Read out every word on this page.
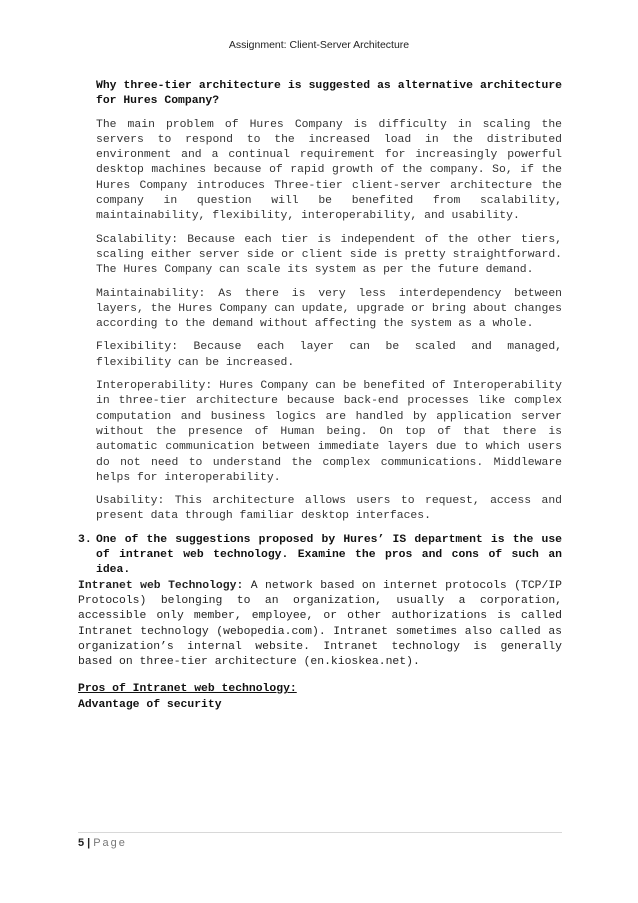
Assignment: Client-Server Architecture

Why three-tier architecture is suggested as alternative architecture for Hures Company?

The main problem of Hures Company is difficulty in scaling the servers to respond to the increased load in the distributed environment and a continual requirement for increasingly powerful desktop machines because of rapid growth of the company. So, if the Hures Company introduces Three-tier client-server architecture the company in question will be benefited from scalability, maintainability, flexibility, interoperability, and usability.

Scalability: Because each tier is independent of the other tiers, scaling either server side or client side is pretty straightforward. The Hures Company can scale its system as per the future demand.

Maintainability: As there is very less interdependency between layers, the Hures Company can update, upgrade or bring about changes according to the demand without affecting the system as a whole.

Flexibility: Because each layer can be scaled and managed, flexibility can be increased.

Interoperability: Hures Company can be benefited of Interoperability in three-tier architecture because back-end processes like complex computation and business logics are handled by application server without the presence of Human being. On top of that there is automatic communication between immediate layers due to which users do not need to understand the complex communications. Middleware helps for interoperability.

Usability: This architecture allows users to request, access and present data through familiar desktop interfaces.

3. One of the suggestions proposed by Hures’ IS department is the use of intranet web technology. Examine the pros and cons of such an idea.

Intranet web Technology: A network based on internet protocols (TCP/IP Protocols) belonging to an organization, usually a corporation, accessible only member, employee, or other authorizations is called Intranet technology (webopedia.com). Intranet sometimes also called as organization’s internal website. Intranet technology is generally based on three-tier architecture (en.kioskea.net).

Pros of Intranet web technology:

Advantage of security

5 | Page
